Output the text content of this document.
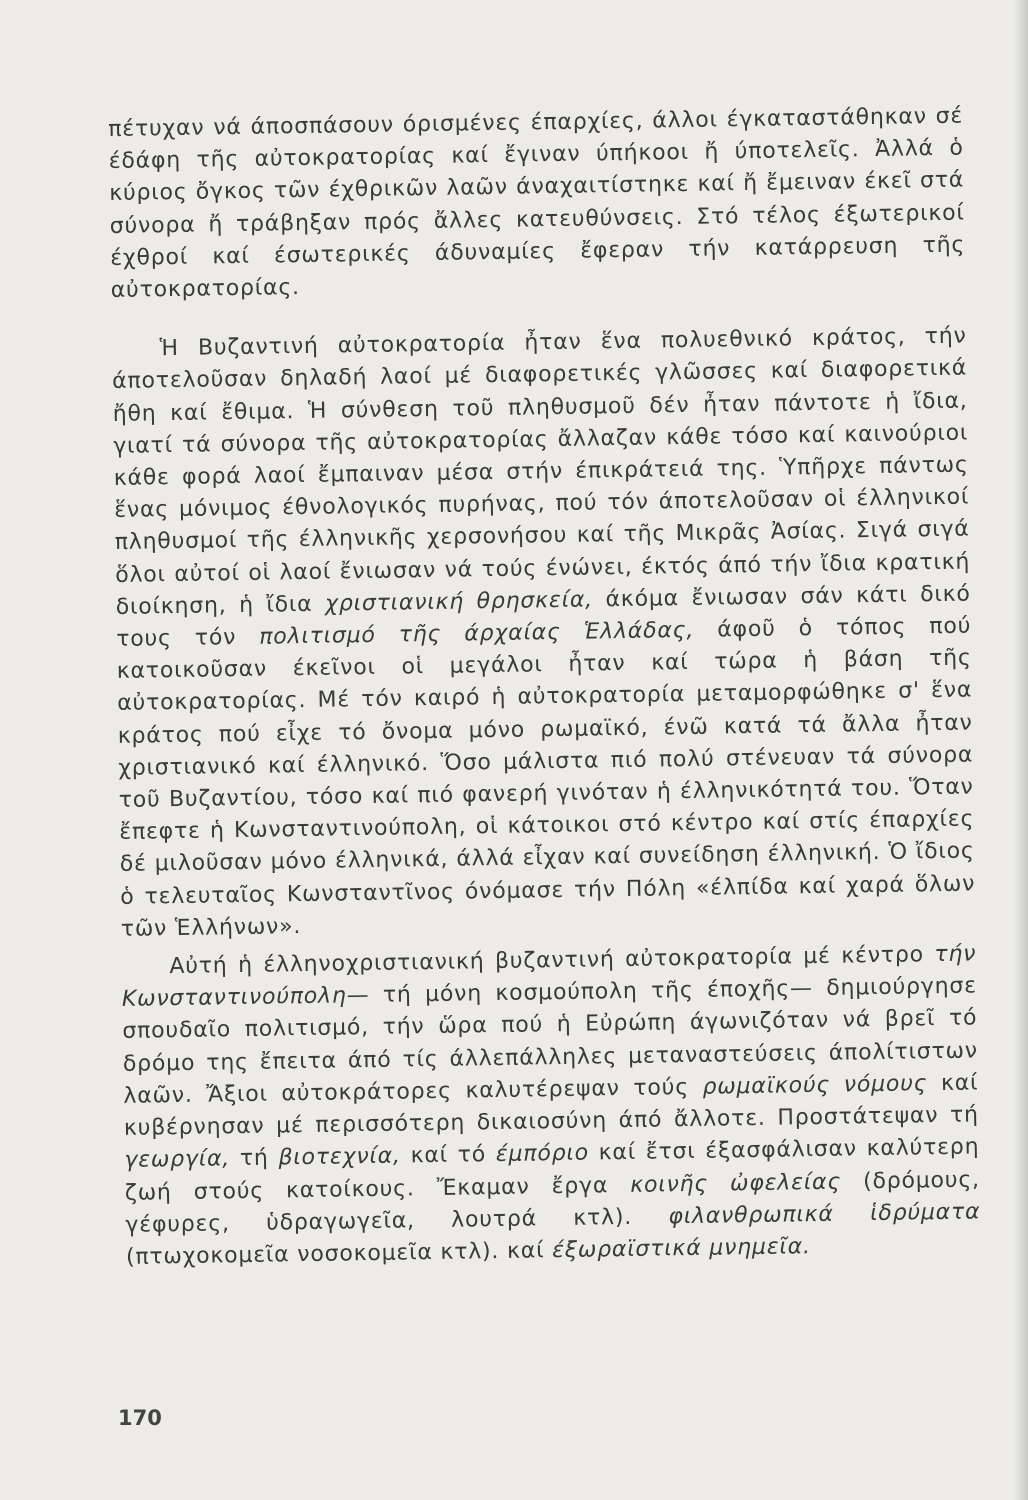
πέτυχαν νά άποσπάσουν όρισμένες έπαρχίες, άλλοι έγκαταστάθηκαν σέ έδάφη τῆς αὐτοκρατορίας καί ἔγιναν ύπήκοοι ἤ ύποτελεῖς. Ἀλλά ὁ κύριος ὄγκος τῶν έχθρικῶν λαῶν άναχαιτίστηκε καί ἤ ἔμειναν έκεῖ στά σύνορα ἤ τράβηξαν πρός ἄλλες κατευθύνσεις. Στό τέλος έξωτερικοί έχθροί καί έσωτερικές άδυναμίες ἔφεραν τήν κατάρρευση τῆς αὐτοκρατορίας.

Ἡ Βυζαντινή αὐτοκρατορία ἦταν ἕνα πολυεθνικό κράτος, τήν άποτελοῦσαν δηλαδή λαοί μέ διαφορετικές γλῶσσες καί διαφορετικά ἤθη καί ἔθιμα. Ἡ σύνθεση τοῦ πληθυσμοῦ δέν ἦταν πάντοτε ἡ ἴδια, γιατί τά σύνορα τῆς αὐτοκρατορίας ἄλλαζαν κάθε τόσο καί καινούριοι κάθε φορά λαοί ἔμπαιναν μέσα στήν έπικράτειά της. Ὑπῆρχε πάντως ἕνας μόνιμος έθνολογικός πυρήνας, πού τόν άποτελοῦσαν οἱ έλληνικοί πληθυσμοί τῆς έλληνικῆς χερσονήσου καί τῆς Μικρᾶς Ἀσίας. Σιγά σιγά ὅλοι αὐτοί οἱ λαοί ἔνιωσαν νά τούς ένώνει, έκτός άπό τήν ἴδια κρατική διοίκηση, ἡ ἴδια χριστιανική θρησκεία, άκόμα ἔνιωσαν σάν κάτι δικό τους τόν πολιτισμό τῆς άρχαίας Ἑλλάδας, άφοῦ ὁ τόπος πού κατοικοῦσαν έκεῖνοι οἱ μεγάλοι ἦταν καί τώρα ἡ βάση τῆς αὐτοκρατορίας. Μέ τόν καιρό ἡ αὐτοκρατορία μεταμορφώθηκε σ' ἕνα κράτος πού εἶχε τό ὄνομα μόνο ρωμαϊκό, ένῶ κατά τά ἄλλα ἦταν χριστιανικό καί έλληνικό. Ὅσο μάλιστα πιό πολύ στένευαν τά σύνορα τοῦ Βυζαντίου, τόσο καί πιό φανερή γινόταν ἡ έλληνικότητά του. Ὅταν ἔπεφτε ἡ Κωνσταντινούπολη, οἱ κάτοικοι στό κέντρο καί στίς έπαρχίες δέ μιλοῦσαν μόνο έλληνικά, άλλά εἶχαν καί συνείδηση έλληνική. Ὁ ἴδιος ὁ τελευταῖος Κωνσταντῖνος όνόμασε τήν Πόλη «έλπίδα καί χαρά ὅλων τῶν Ἑλλήνων».

Αὐτή ἡ έλληνοχριστιανική βυζαντινή αὐτοκρατορία μέ κέντρο τήν Κωνσταντινούπολη— τή μόνη κοσμούπολη τῆς έποχῆς— δημιούργησε σπουδαῖο πολιτισμό, τήν ὥρα πού ἡ Εὐρώπη άγωνιζόταν νά βρεῖ τό δρόμο της ἔπειτα άπό τίς άλλεπάλληλες μεταναστεύσεις άπολίτιστων λαῶν. Ἄξιοι αὐτοκράτορες καλυτέρεψαν τούς ρωμαϊκούς νόμους καί κυβέρνησαν μέ περισσότερη δικαιοσύνη άπό ἄλλοτε. Προστάτεψαν τή γεωργία, τή βιοτεχνία, καί τό έμπόριο καί ἔτσι έξασφάλισαν καλύτερη ζωή στούς κατοίκους. Ἔκαμαν ἔργα κοινῆς ὠφελείας (δρόμους, γέφυρες, ὑδραγωγεῖα, λουτρά κτλ). φιλανθρωπικά ἱδρύματα (πτωχοκομεῖα νοσοκομεῖα κτλ). καί έξωραϊστικά μνημεῖα.

170
